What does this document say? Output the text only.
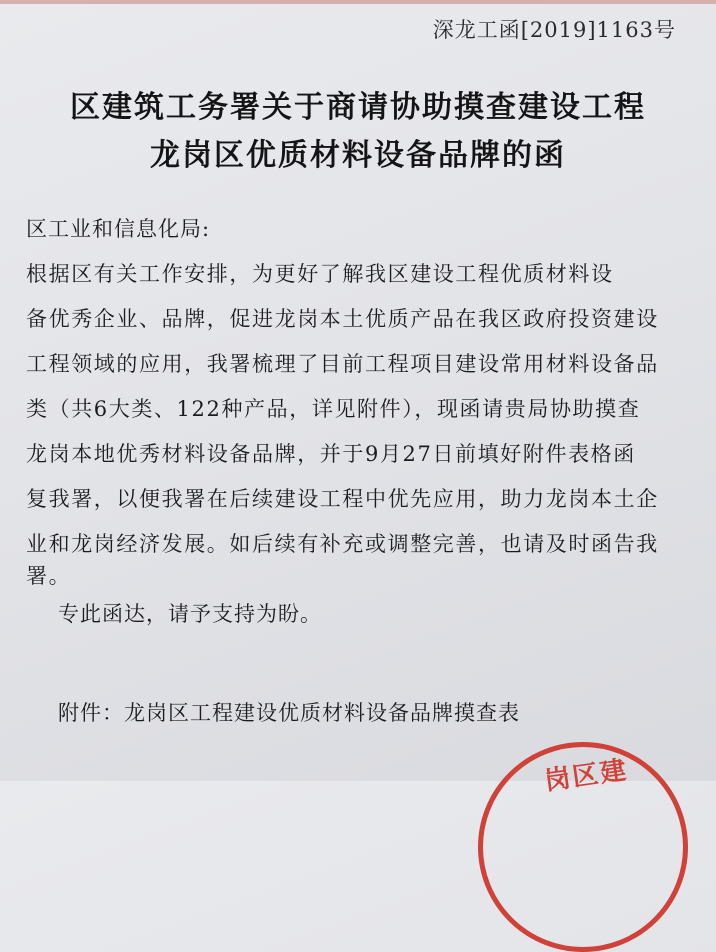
深龙工函[2019]1163号
区建筑工务署关于商请协助摸查建设工程
龙岗区优质材料设备品牌的函
区工业和信息化局:
根据区有关工作安排，为更好了解我区建设工程优质材料设
备优秀企业、品牌，促进龙岗本土优质产品在我区政府投资建设
工程领域的应用，我署梳理了目前工程项目建设常用材料设备品
类（共6大类、122种产品，详见附件），现函请贵局协助摸查
龙岗本地优秀材料设备品牌，并于9月27日前填好附件表格函
复我署，以便我署在后续建设工程中优先应用，助力龙岗本土企
业和龙岗经济发展。如后续有补充或调整完善，也请及时函告我
署。
专此函达，请予支持为盼。
附件：龙岗区工程建设优质材料设备品牌摸查表
岗区建
